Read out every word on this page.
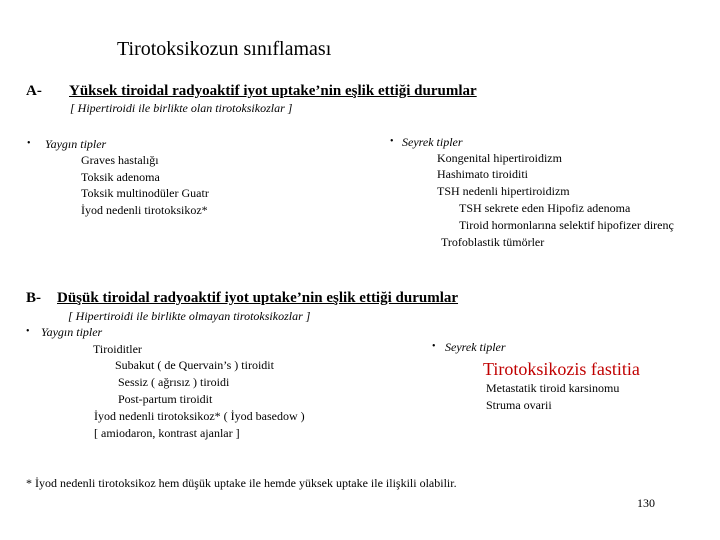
Tirotoksikozun sınıflaması
A- Yüksek tiroidal radyoaktif iyot uptake’nin eşlik ettiği durumlar
[ Hipertiroidi ile birlikte olan tirotoksikozlar ]
• Yaygın tipler
Graves hastalığı
Toksik adenoma
Toksik multinodüler Guatr
İyod nedenli tirotoksikoz*
• Seyrek tipler
Kongenital hipertiroidizm
Hashimato tiroiditi
TSH nedenli hipertiroidizm
TSH sekrete eden Hipofiz adenoma
Tiroid hormonlarına selektif hipofizer direnç
Trofoblastik tümörler
B- Düşük tiroidal radyoaktif iyot uptake’nin eşlik ettiği durumlar
[ Hipertiroidi ile birlikte olmayan tirotoksikozlar ]
• Yaygın tipler
Tiroiditler
Subakut ( de Quervain’s ) tiroidit
Sessiz ( ağrısız ) tiroidi
Post-partum tiroidit
İyod nedenli tirotoksikoz* ( İyod basedow )
[ amiodaron, kontrast ajanlar ]
• Seyrek tipler
Tirotoksikozis fastitia
Metastatik tiroid karsinomu
Struma ovarii
* İyod nedenli tirotoksikoz hem düşük uptake ile hemde yüksek uptake ile ilişkili olabilir.
130
